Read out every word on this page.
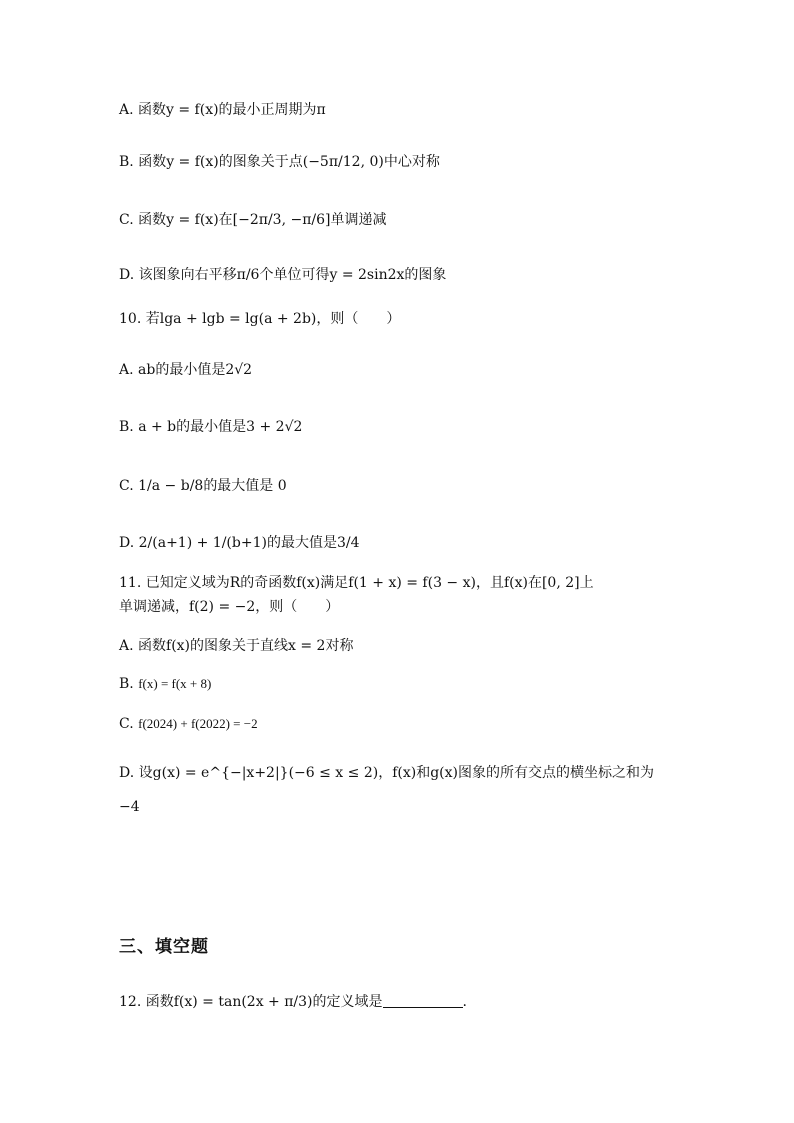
A. 函数y = f(x)的最小正周期为π
B. 函数y = f(x)的图象关于点(−5π/12, 0)中心对称
C. 函数y = f(x)在[−2π/3, −π/6]单调递减
D. 该图象向右平移π/6个单位可得y = 2sin2x的图象
10. 若lga + lgb = lg(a + 2b)，则（　　）
A. ab的最小值是2√2
B. a + b的最小值是3 + 2√2
C. 1/a − b/8的最大值是 0
D. 2/(a+1) + 1/(b+1)的最大值是3/4
11. 已知定义域为R的奇函数f(x)满足f(1 + x) = f(3 − x)，且f(x)在[0, 2]上
单调递减，f(2) = −2，则（　　）
A. 函数f(x)的图象关于直线x = 2对称
B. f(x) = f(x + 8)
C. f(2024) + f(2022) = −2
D. 设g(x) = e^{−|x+2|}(−6 ≤ x ≤ 2)，f(x)和g(x)图象的所有交点的横坐标之和为
−4
三、填空题
12. 函数f(x) = tan(2x + π/3)的定义域是	.
